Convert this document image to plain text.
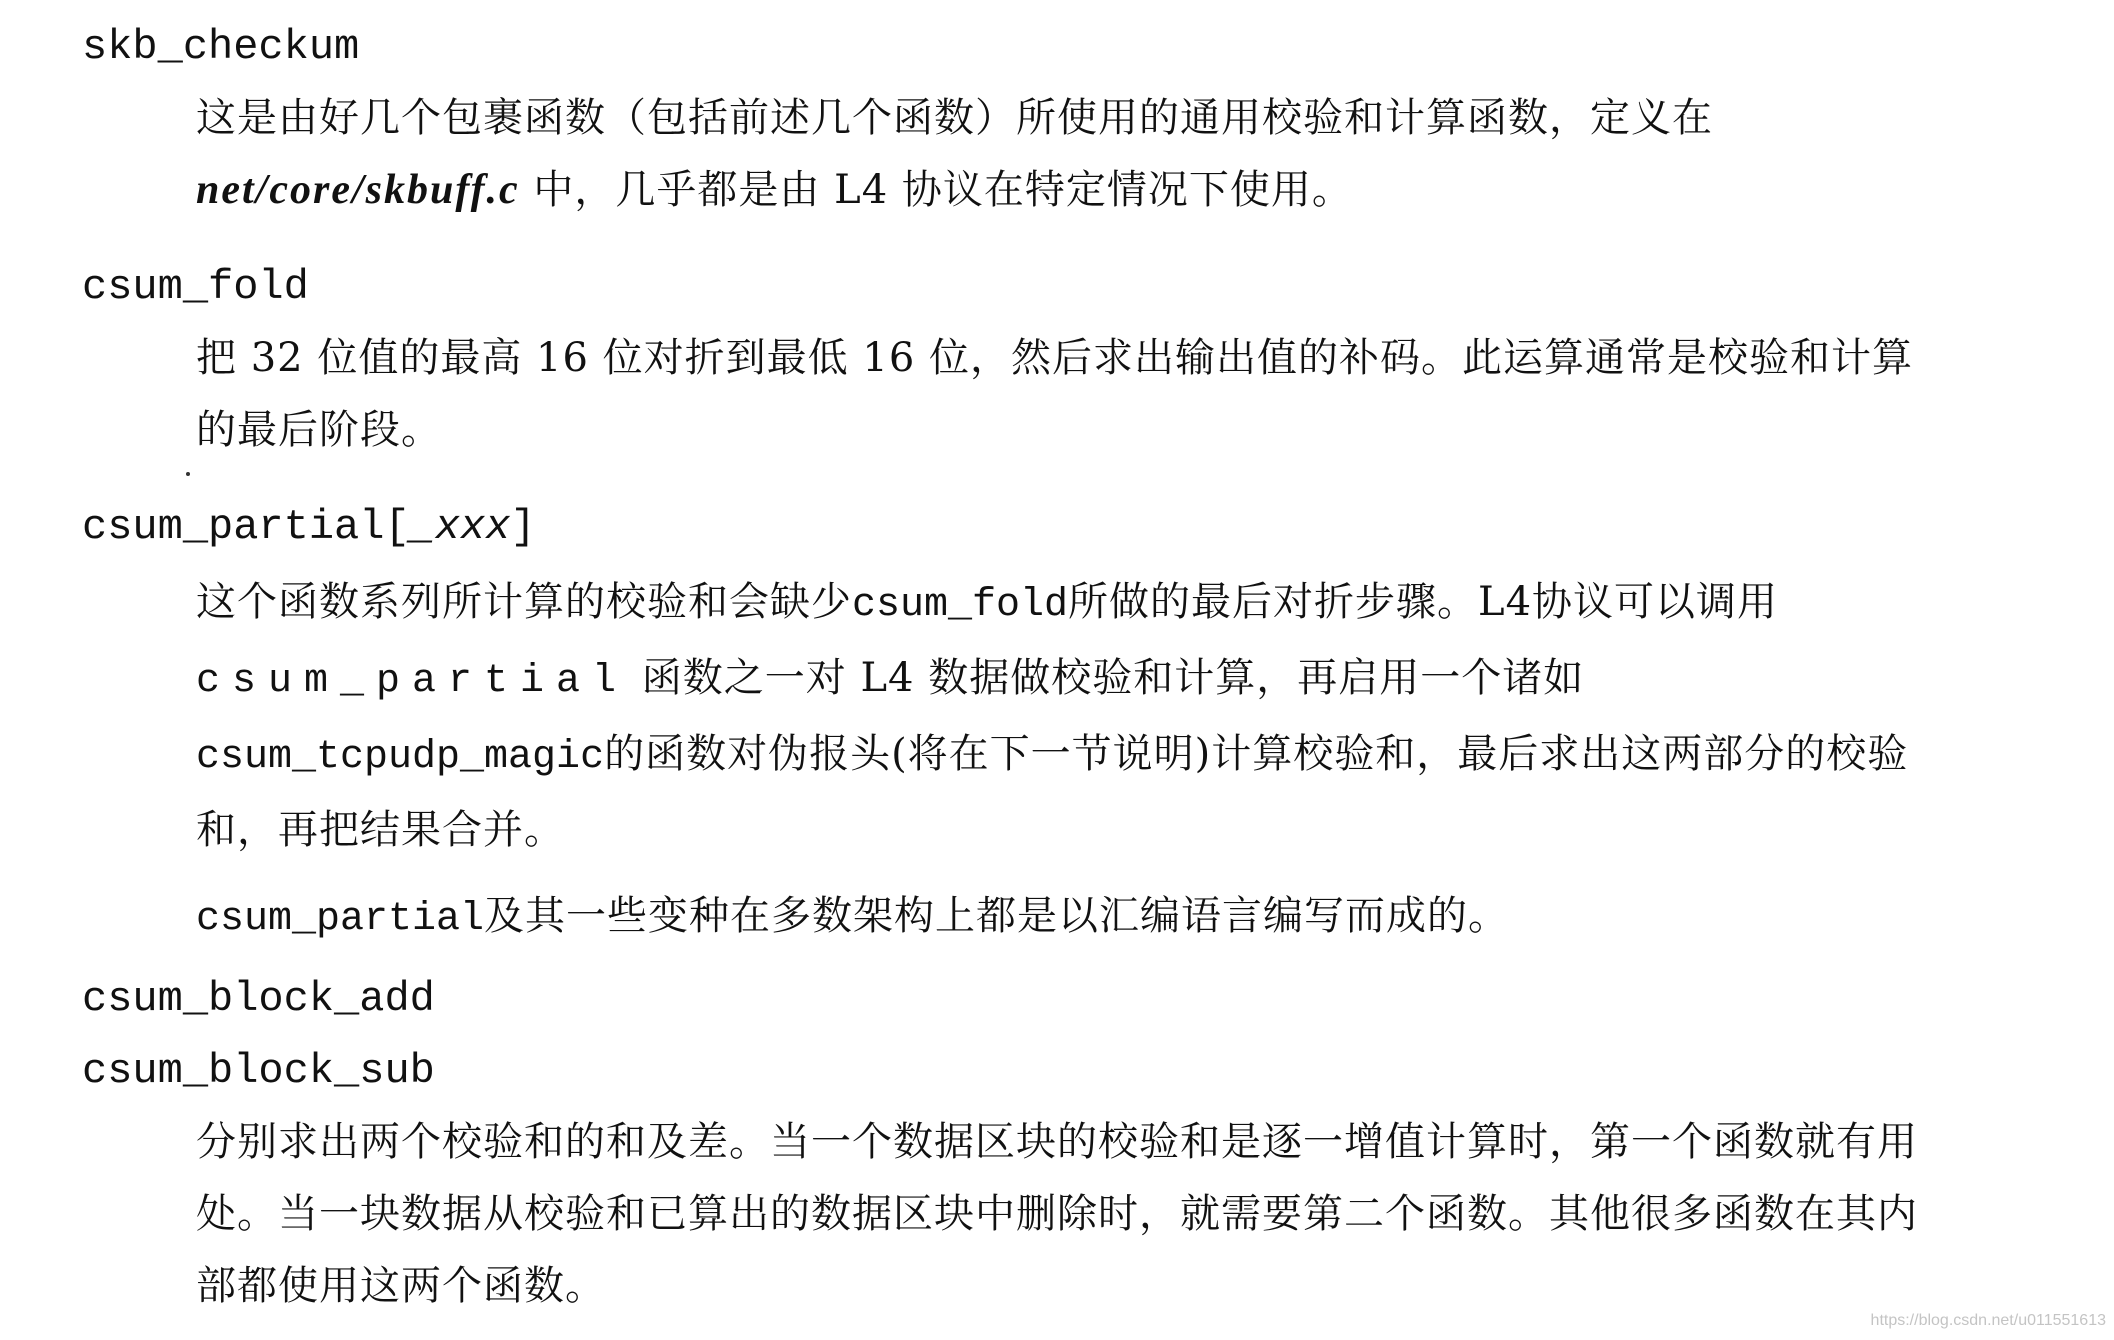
skb_checkum

这是由好几个包裹函数（包括前述几个函数）所使用的通用校验和计算函数，定义在net/core/skbuff.c 中，几乎都是由 L4 协议在特定情况下使用。

csum_fold

把 32 位值的最高 16 位对折到最低 16 位，然后求出输出值的补码。此运算通常是校验和计算的最后阶段。

csum_partial[_xxx]

这个函数系列所计算的校验和会缺少csum_fold所做的最后对折步骤。L4协议可以调用csum_partial 函数之一对 L4 数据做校验和计算，再启用一个诸如csum_tcpudp_magic的函数对伪报头(将在下一节说明)计算校验和，最后求出这两部分的校验和，再把结果合并。

csum_partial及其一些变种在多数架构上都是以汇编语言编写而成的。

csum_block_add
csum_block_sub

分别求出两个校验和的和及差。当一个数据区块的校验和是逐一增值计算时，第一个函数就有用处。当一块数据从校验和已算出的数据区块中删除时，就需要第二个函数。其他很多函数在其内部都使用这两个函数。

https://blog.csdn.net/u011551613
